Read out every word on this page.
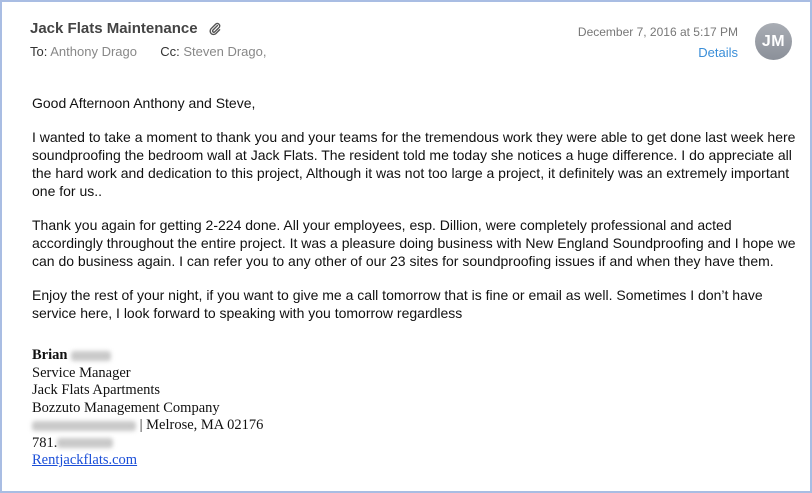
Jack Flats Maintenance
To: Anthony Drago Cc: Steven Drago,
December 7, 2016 at 5:17 PM
Details
JM

Good Afternoon Anthony and Steve,

I wanted to take a moment to thank you and your teams for the tremendous work they were able to get done last week here soundproofing the bedroom wall at Jack Flats. The resident told me today she notices a huge difference. I do appreciate all the hard work and dedication to this project, Although it was not too large a project, it definitely was an extremely important one for us..

Thank you again for getting 2-224 done. All your employees, esp. Dillion, were completely professional and acted accordingly throughout the entire project. It was a pleasure doing business with New England Soundproofing and I hope we can do business again. I can refer you to any other of our 23 sites for soundproofing issues if and when they have them.

Enjoy the rest of your night, if you want to give me a call tomorrow that is fine or email as well. Sometimes I don’t have service here, I look forward to speaking with you tomorrow regardless

Brian
Service Manager
Jack Flats Apartments
Bozzuto Management Company
| Melrose, MA 02176
781.
Rentjackflats.com
